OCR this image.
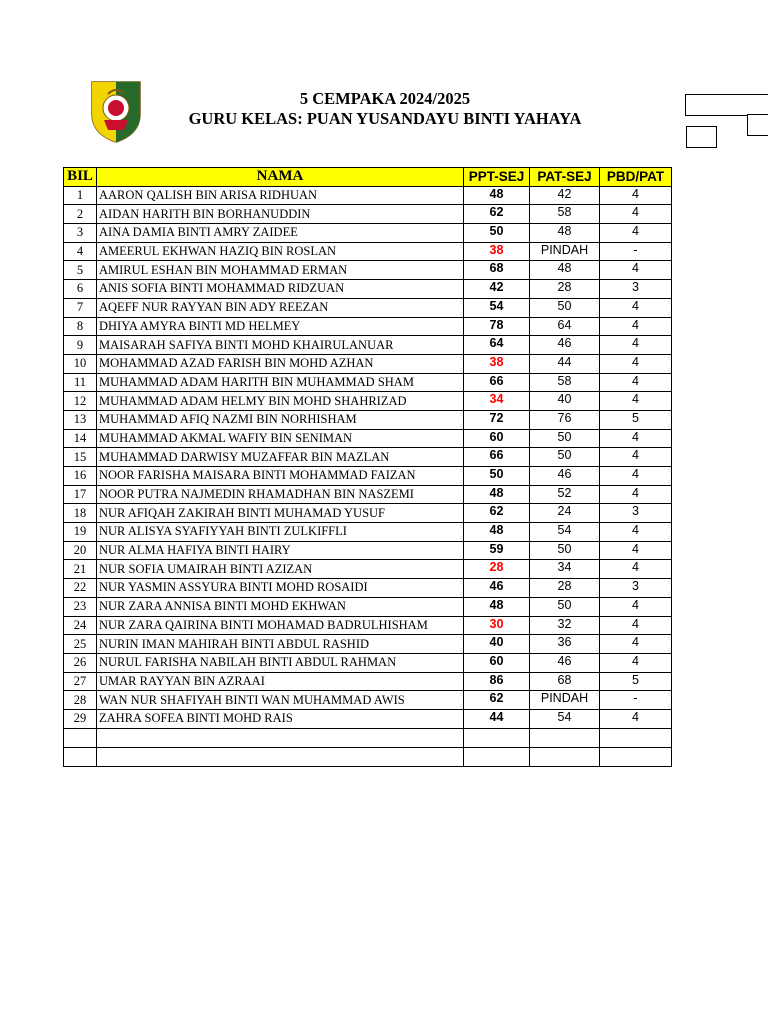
5 CEMPAKA 2024/2025
GURU KELAS: PUAN YUSANDAYU BINTI YAHAYA
BIL	NAMA	PPT-SEJ	PAT-SEJ	PBD/PAT
1	AARON QALISH BIN ARISA RIDHUAN	48	42	4
2	AIDAN HARITH BIN BORHANUDDIN	62	58	4
3	AINA DAMIA BINTI AMRY ZAIDEE	50	48	4
4	AMEERUL EKHWAN HAZIQ BIN ROSLAN	38	PINDAH	-
5	AMIRUL ESHAN BIN MOHAMMAD ERMAN	68	48	4
6	ANIS SOFIA BINTI MOHAMMAD RIDZUAN	42	28	3
7	AQEFF NUR RAYYAN BIN ADY REEZAN	54	50	4
8	DHIYA AMYRA BINTI MD HELMEY	78	64	4
9	MAISARAH SAFIYA BINTI MOHD KHAIRULANUAR	64	46	4
10	MOHAMMAD AZAD FARISH BIN MOHD AZHAN	38	44	4
11	MUHAMMAD ADAM HARITH BIN MUHAMMAD SHAM	66	58	4
12	MUHAMMAD ADAM HELMY BIN MOHD SHAHRIZAD	34	40	4
13	MUHAMMAD AFIQ NAZMI BIN NORHISHAM	72	76	5
14	MUHAMMAD AKMAL WAFIY BIN SENIMAN	60	50	4
15	MUHAMMAD DARWISY MUZAFFAR BIN MAZLAN	66	50	4
16	NOOR FARISHA MAISARA BINTI MOHAMMAD FAIZAN	50	46	4
17	NOOR PUTRA NAJMEDIN RHAMADHAN BIN NASZEMI	48	52	4
18	NUR AFIQAH ZAKIRAH BINTI MUHAMAD YUSUF	62	24	3
19	NUR ALISYA SYAFIYYAH BINTI ZULKIFFLI	48	54	4
20	NUR ALMA HAFIYA BINTI HAIRY	59	50	4
21	NUR SOFIA UMAIRAH BINTI AZIZAN	28	34	4
22	NUR YASMIN ASSYURA BINTI MOHD ROSAIDI	46	28	3
23	NUR ZARA ANNISA BINTI MOHD EKHWAN	48	50	4
24	NUR ZARA QAIRINA BINTI MOHAMAD BADRULHISHAM	30	32	4
25	NURIN IMAN MAHIRAH BINTI ABDUL RASHID	40	36	4
26	NURUL FARISHA NABILAH BINTI ABDUL RAHMAN	60	46	4
27	UMAR RAYYAN BIN AZRAAI	86	68	5
28	WAN NUR SHAFIYAH BINTI WAN MUHAMMAD AWIS	62	PINDAH	-
29	ZAHRA SOFEA BINTI MOHD RAIS	44	54	4
